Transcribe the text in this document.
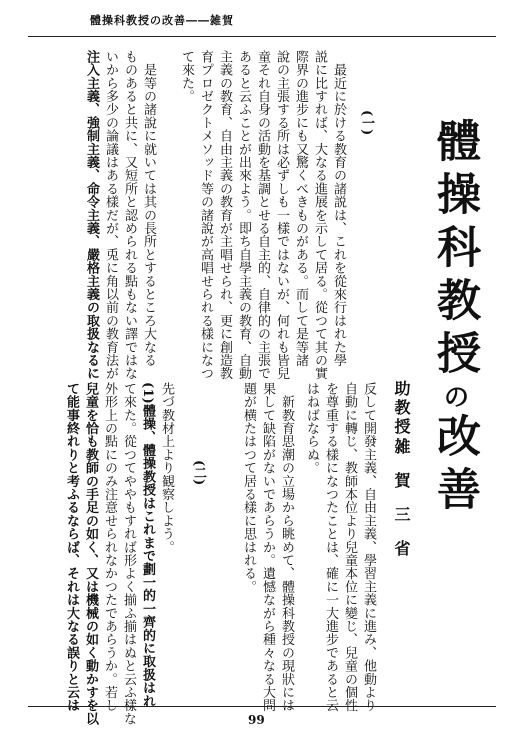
體操科教授の改善――雑賀
體操科教授の改善
助教授
雑賀三省
(一)
　最近に於ける教育の諸説は、これを從來行はれた學
説に比すれば、大なる進展を示して居る。從つて其の實
際界の進步にも又驚くべきものがある。而して是等諸
說の主張する所は必ずしも一樣ではないが、何れも皆兒
童それ自身の活動を基調とせる自主的、自律的の主張で
あると云ふことが出來よう。即ち自學主義の教育、自動
主義の教育、自由主義の教育が主唱せられ、更に創造教
育プロゼクトメソッド等の諸說が高唱せられる樣になつ
て來た。
　是等の諸說に就いては其の長所とするところ大なる
ものあると共に、又短所と認められる點もない譯ではな
いから多少の論議はある樣だが、兎に角以前の教育法が
注入主義、強制主義、命令主義、嚴格主義の取扱なるに
反して開發主義、自由主義、學習主義に進み、他動より
自動に轉じ、教師本位より兒童本位に變じ、兒童の個性
を尊重する樣になつたことは、確に一大進步であると云
はねばならぬ。
　新教育思潮の立場から眺めて、體操科教授の現狀には
果して缺陷がないであらうか。遺憾ながら種々なる大問
題が横たはつて居る樣に思はれる。
(二)
先づ教材上より観察しよう。
(1)體操、體操教授はこれまで劃一的一齊的に取扱はれ
て來た。從つてややもすれば形よく揃ふ揃はぬと云ふ樣な
外形上の點にのみ注意せられなかつたであらうか。若し
兒童を恰も教師の手足の如く、又は機械の如く動かすを以
て能事終れりと考ふるならば、それは大なる誤りと云は
99
